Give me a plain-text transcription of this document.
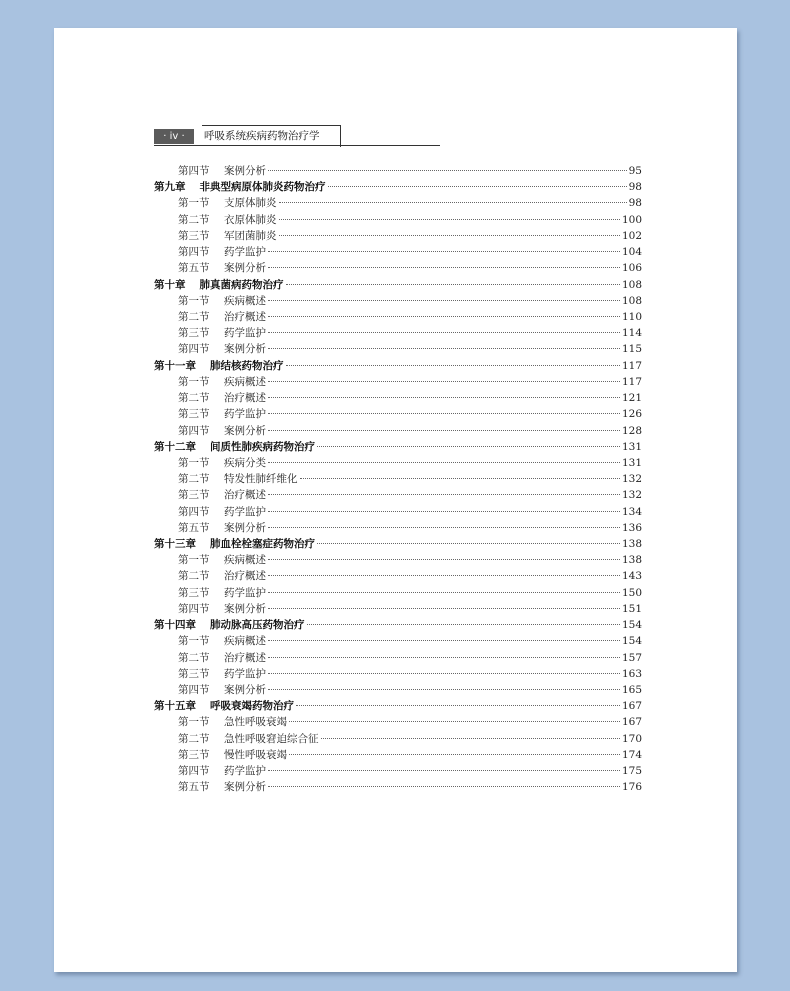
· iv ·	呼吸系统疾病药物治疗学
第四节 案例分析	95
第九章 非典型病原体肺炎药物治疗	98
第一节 支原体肺炎	98
第二节 衣原体肺炎	100
第三节 军团菌肺炎	102
第四节 药学监护	104
第五节 案例分析	106
第十章 肺真菌病药物治疗	108
第一节 疾病概述	108
第二节 治疗概述	110
第三节 药学监护	114
第四节 案例分析	115
第十一章 肺结核药物治疗	117
第一节 疾病概述	117
第二节 治疗概述	121
第三节 药学监护	126
第四节 案例分析	128
第十二章 间质性肺疾病药物治疗	131
第一节 疾病分类	131
第二节 特发性肺纤维化	132
第三节 治疗概述	132
第四节 药学监护	134
第五节 案例分析	136
第十三章 肺血栓栓塞症药物治疗	138
第一节 疾病概述	138
第二节 治疗概述	143
第三节 药学监护	150
第四节 案例分析	151
第十四章 肺动脉高压药物治疗	154
第一节 疾病概述	154
第二节 治疗概述	157
第三节 药学监护	163
第四节 案例分析	165
第十五章 呼吸衰竭药物治疗	167
第一节 急性呼吸衰竭	167
第二节 急性呼吸窘迫综合征	170
第三节 慢性呼吸衰竭	174
第四节 药学监护	175
第五节 案例分析	176
